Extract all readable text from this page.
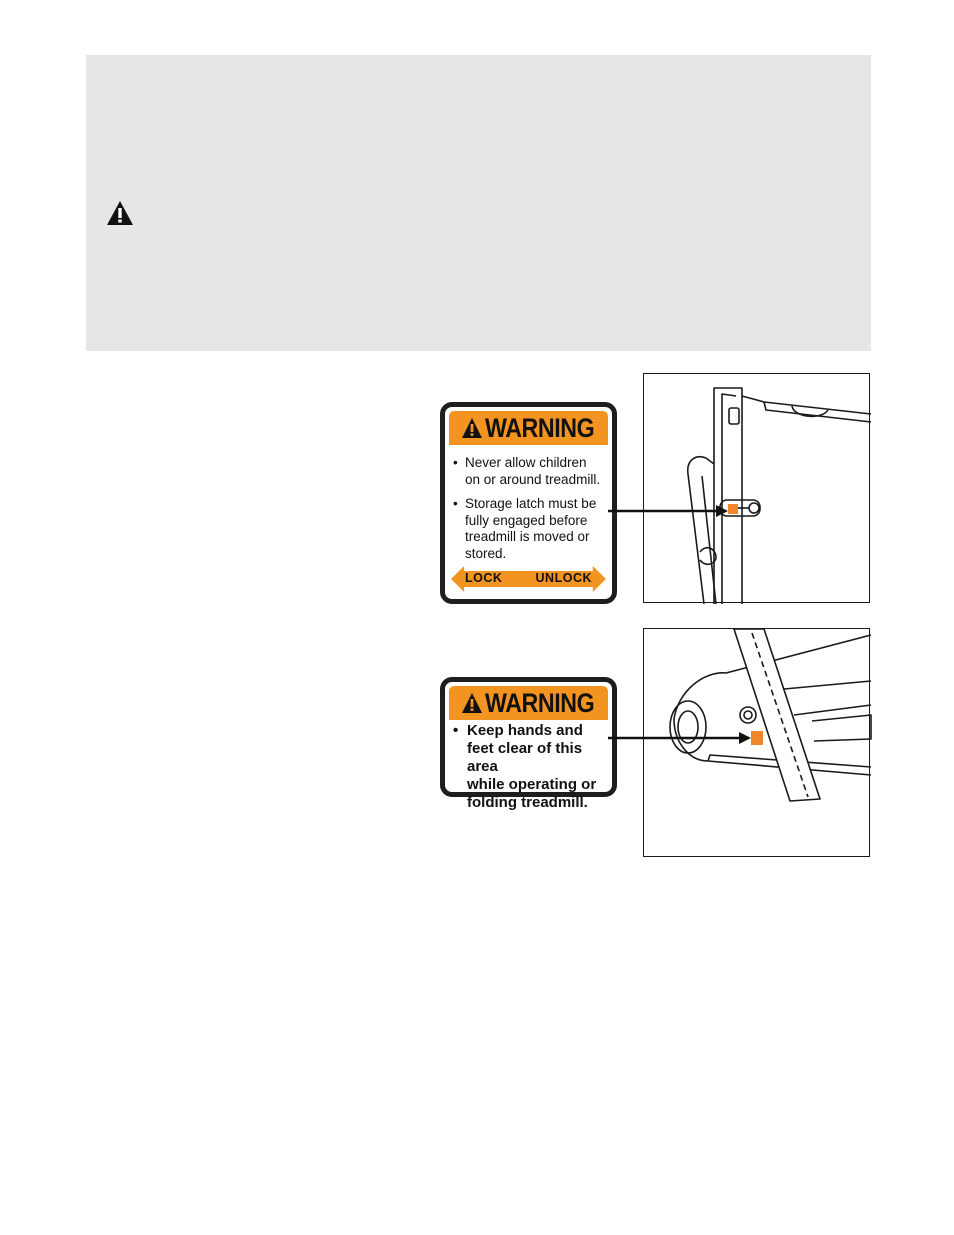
WARNING
• Never allow children
on or around treadmill.
• Storage latch must be
fully engaged before
treadmill is moved or
stored.
LOCK	UNLOCK
WARNING
• Keep hands and
feet clear of this area
while operating or
folding treadmill.
